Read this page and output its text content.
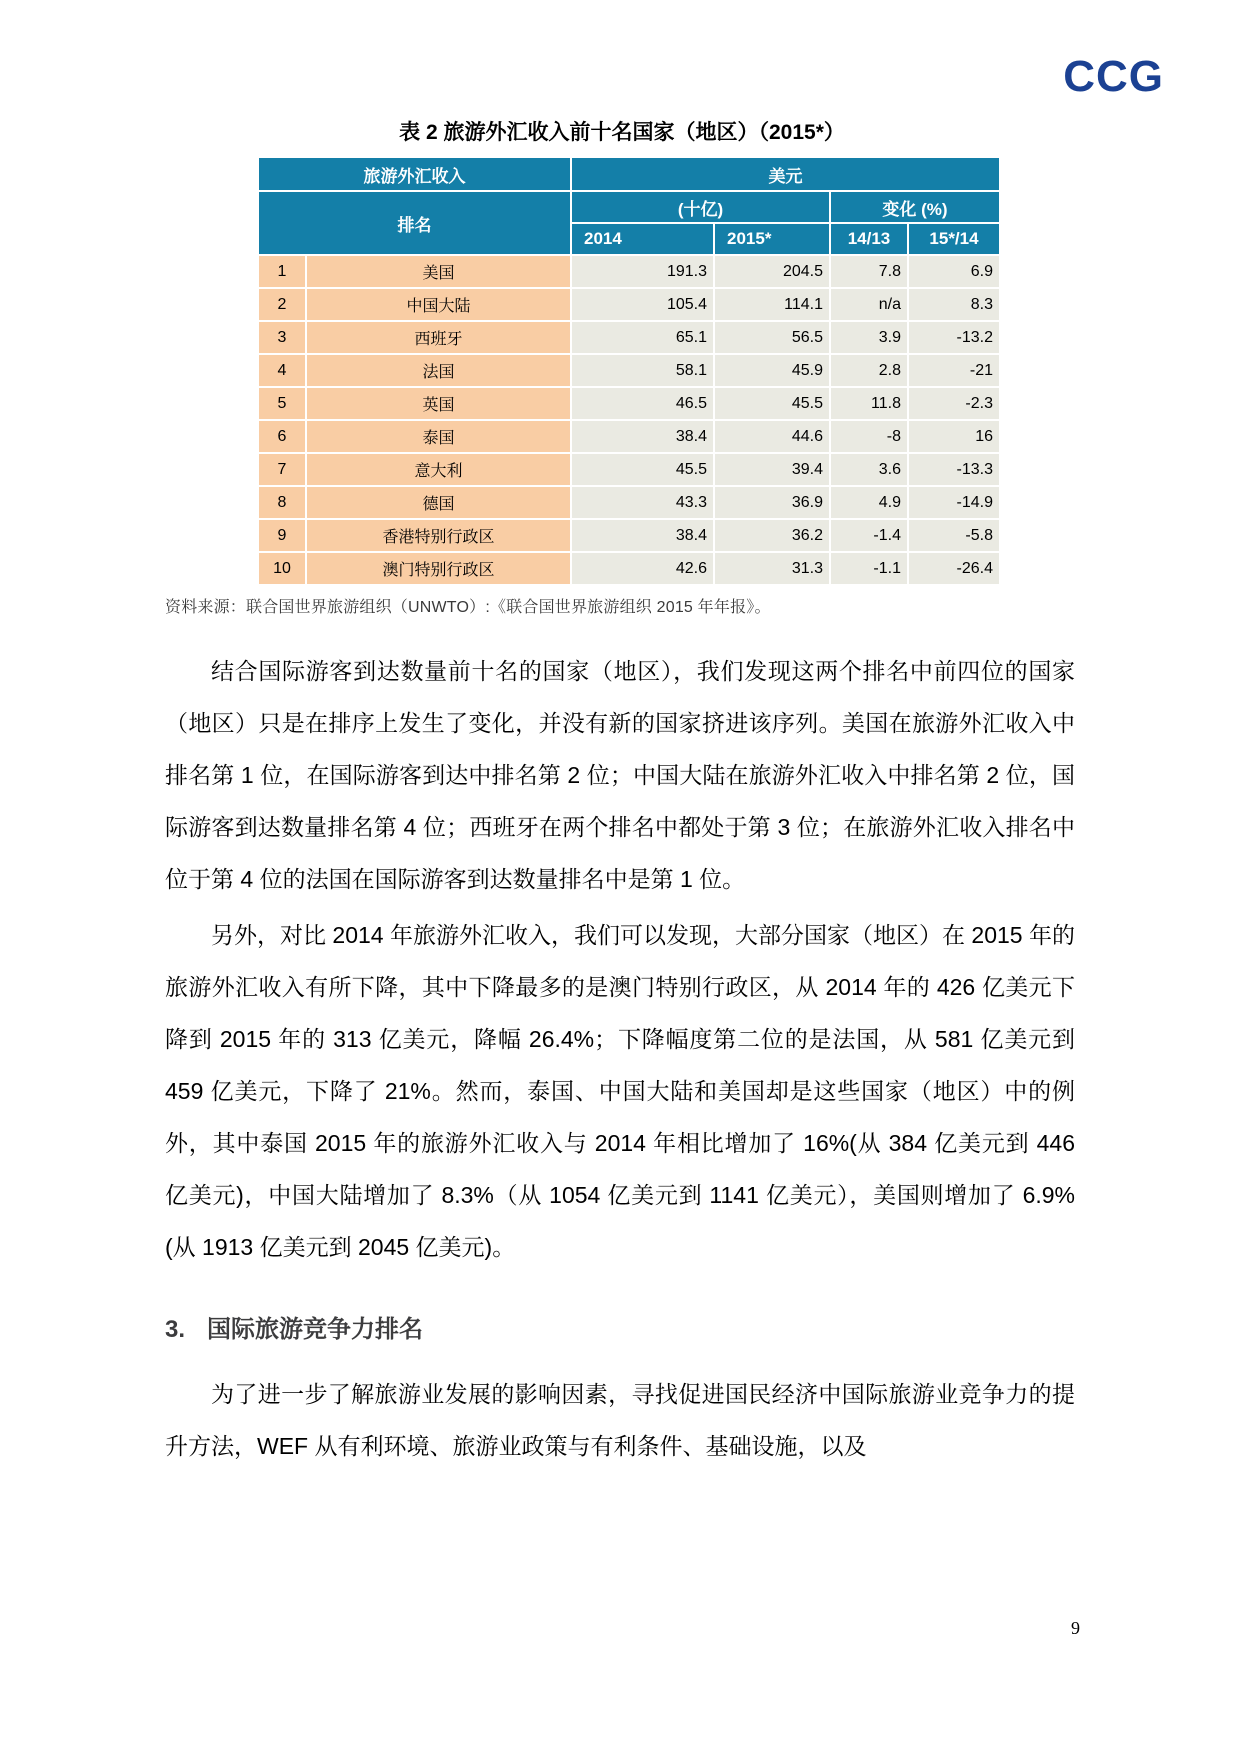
CCG
表 2 旅游外汇收入前十名国家（地区）（2015*）
旅游外汇收入		美元			
排名		(十亿)		变化 (%)	
		2014	2015*	14/13	15*/14
1	美国	191.3	204.5	7.8	6.9
2	中国大陆	105.4	114.1	n/a	8.3
3	西班牙	65.1	56.5	3.9	-13.2
4	法国	58.1	45.9	2.8	-21
5	英国	46.5	45.5	11.8	-2.3
6	泰国	38.4	44.6	-8	16
7	意大利	45.5	39.4	3.6	-13.3
8	德国	43.3	36.9	4.9	-14.9
9	香港特别行政区	38.4	36.2	-1.4	-5.8
10	澳门特别行政区	42.6	31.3	-1.1	-26.4
资料来源：联合国世界旅游组织（UNWTO）:《联合国世界旅游组织 2015 年年报》。

结合国际游客到达数量前十名的国家（地区），我们发现这两个排名中前四位的国家（地区）只是在排序上发生了变化，并没有新的国家挤进该序列。美国在旅游外汇收入中排名第 1 位，在国际游客到达中排名第 2 位；中国大陆在旅游外汇收入中排名第 2 位，国际游客到达数量排名第 4 位；西班牙在两个排名中都处于第 3 位；在旅游外汇收入排名中位于第 4 位的法国在国际游客到达数量排名中是第 1 位。

另外，对比 2014 年旅游外汇收入，我们可以发现，大部分国家（地区）在 2015 年的旅游外汇收入有所下降，其中下降最多的是澳门特别行政区，从 2014 年的 426 亿美元下降到 2015 年的 313 亿美元，降幅 26.4%；下降幅度第二位的是法国，从 581 亿美元到 459 亿美元，下降了 21%。然而，泰国、中国大陆和美国却是这些国家（地区）中的例外，其中泰国 2015 年的旅游外汇收入与 2014 年相比增加了 16%(从 384 亿美元到 446 亿美元)，中国大陆增加了 8.3%（从 1054 亿美元到 1141 亿美元），美国则增加了 6.9%(从 1913 亿美元到 2045 亿美元)。

3. 国际旅游竞争力排名

为了进一步了解旅游业发展的影响因素，寻找促进国民经济中国际旅游业竞争力的提升方法，WEF 从有利环境、旅游业政策与有利条件、基础设施，以及

9
